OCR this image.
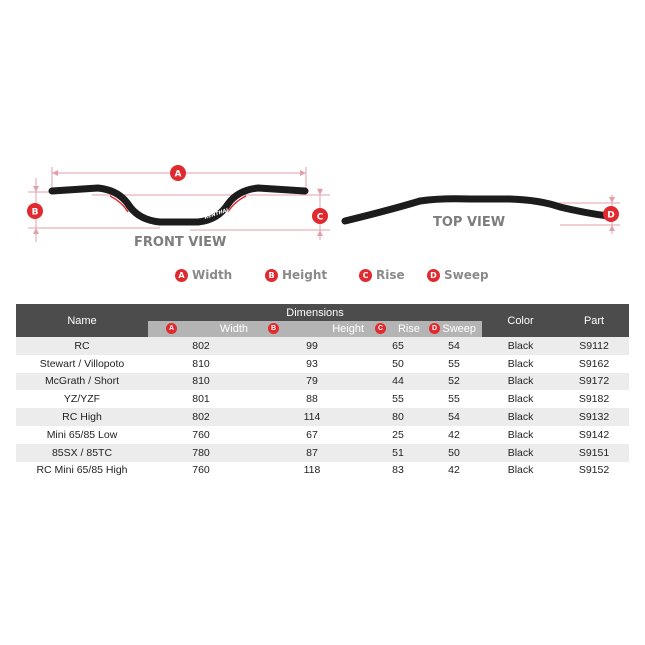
RENTHAL
FRONT VIEW
TOP VIEW
A
B	C	D
A Width	B Height	C Rise	D Sweep
Name	Dimensions				Color	Part

	A Width	B Height	C Rise	D Sweep		
RC	802	99	65	54	Black	S9112
Stewart / Villopoto	810	93	50	55	Black	S9162
McGrath / Short	810	79	44	52	Black	S9172
YZ/YZF	801	88	55	55	Black	S9182
RC High	802	114	80	54	Black	S9132
Mini 65/85 Low	760	67	25	42	Black	S9142
85SX / 85TC	780	87	51	50	Black	S9151
RC Mini 65/85 High	760	118	83	42	Black	S9152
